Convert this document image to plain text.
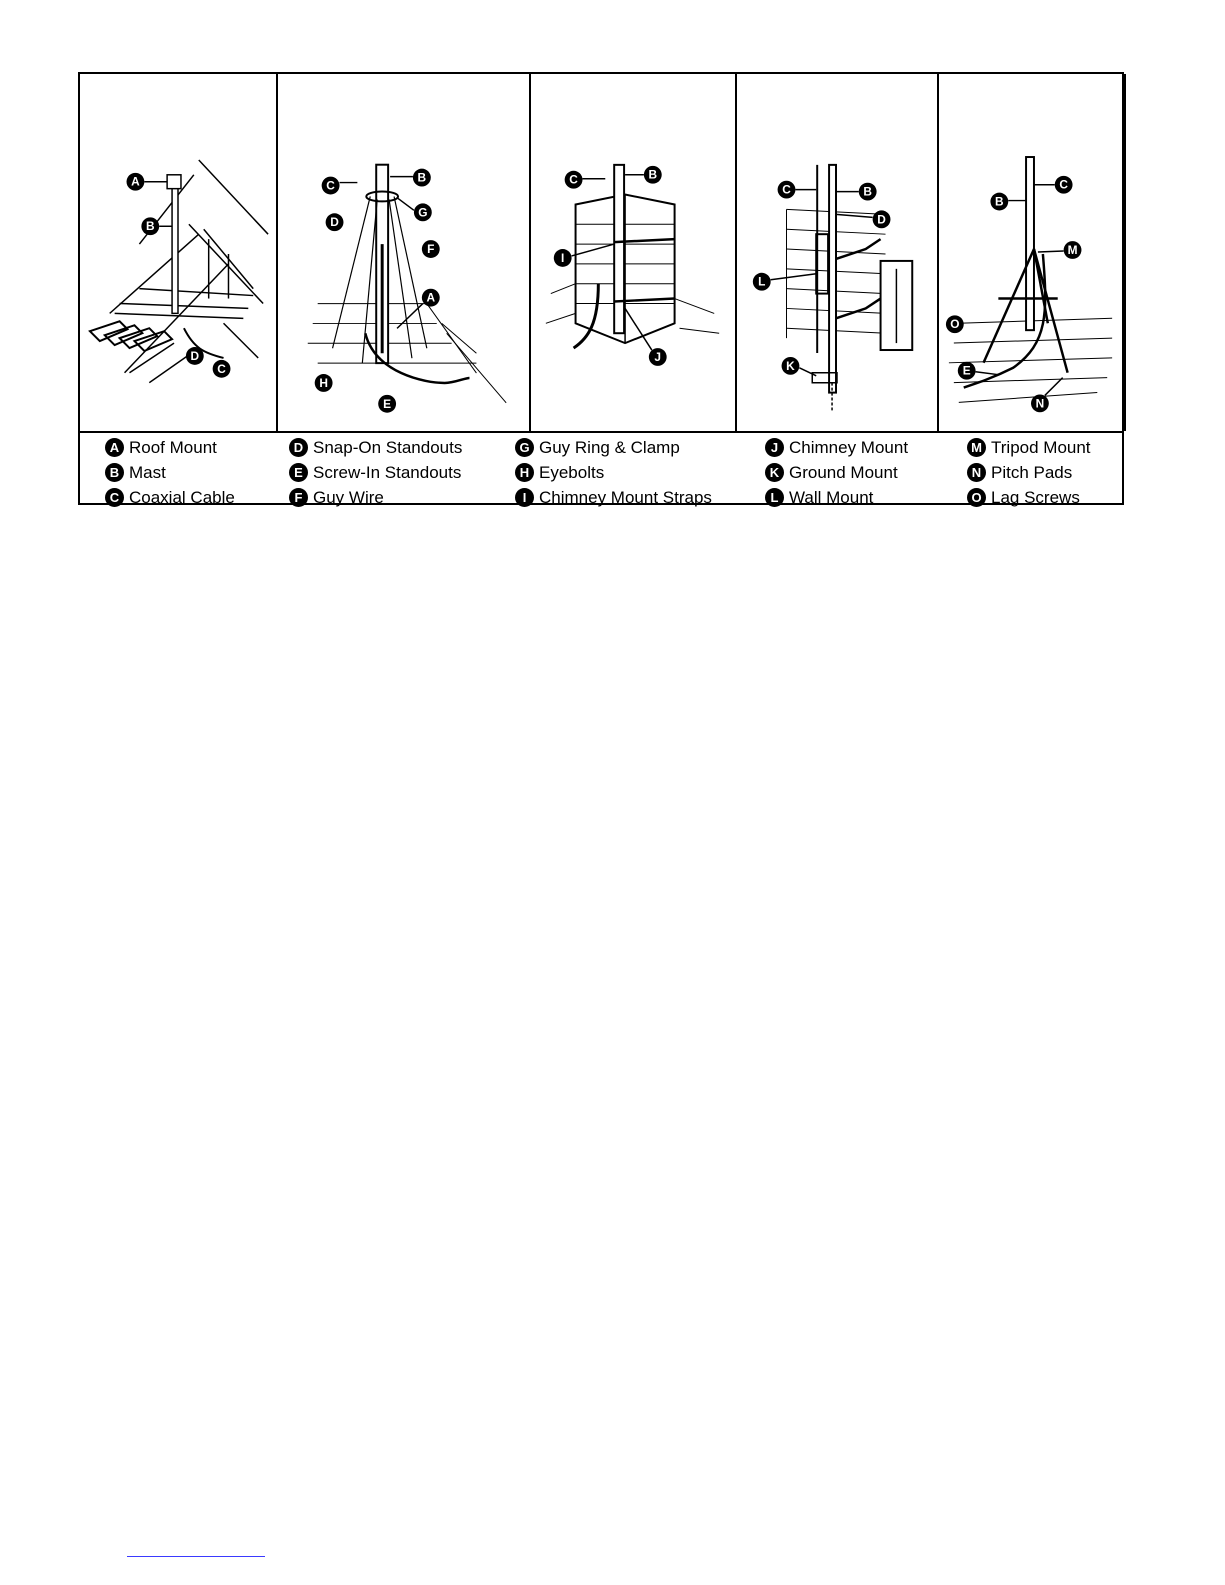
A
B
D
C
C
B
D
G
F
A
H
E
C	B
I
J
C	B
D
L
K
B
C
M
O
E
N
A Roof Mount
B Mast
C Coaxial Cable
D Snap-On Standouts
E Screw-In Standouts
F Guy Wire
G Guy Ring & Clamp
H Eyebolts
I Chimney Mount Straps
J Chimney Mount
K Ground Mount
L Wall Mount
M Tripod Mount
N Pitch Pads
O Lag Screws
